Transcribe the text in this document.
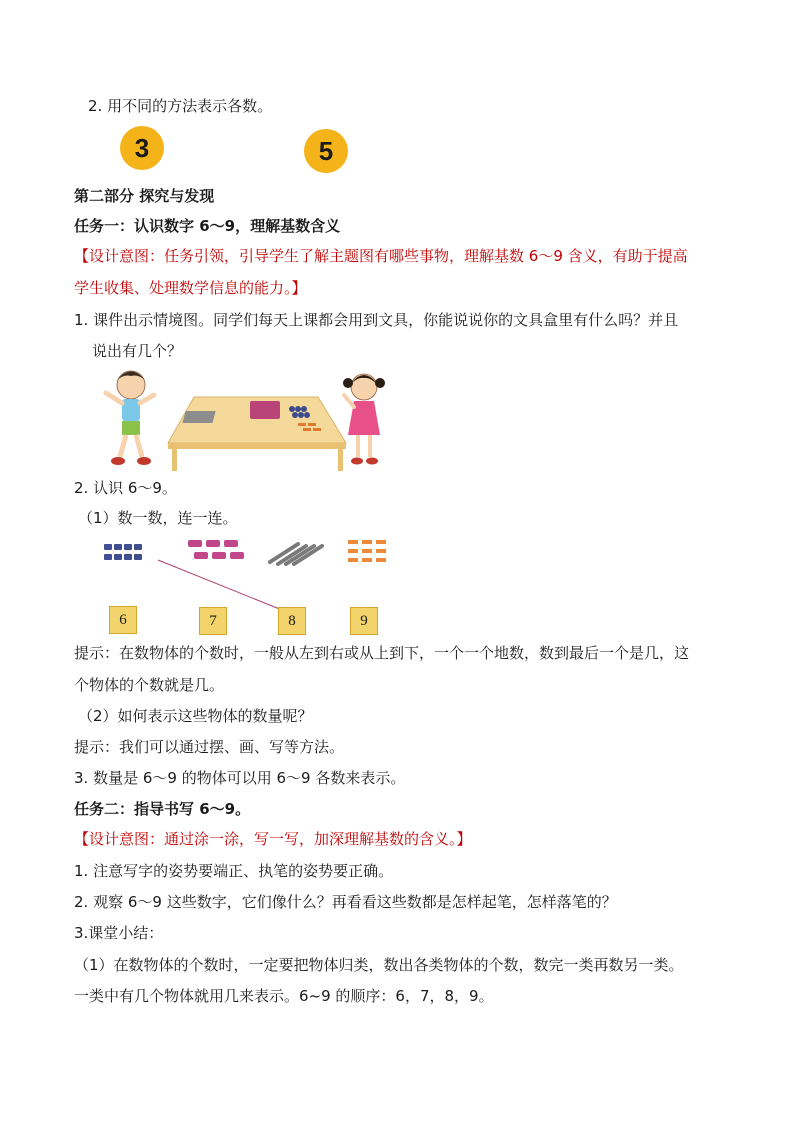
2. 用不同的方法表示各数。
3	5
第二部分 探究与发现
任务一：认识数字 6～9，理解基数含义
【设计意图：任务引领，引导学生了解主题图有哪些事物，理解基数 6～9 含义，有助于提高
学生收集、处理数学信息的能力。】
1. 课件出示情境图。同学们每天上课都会用到文具，你能说说你的文具盒里有什么吗？并且
说出有几个？
2. 认识 6～9。
（1）数一数，连一连。
6	7	8	9
提示：在数物体的个数时，一般从左到右或从上到下，一个一个地数，数到最后一个是几，这
个物体的个数就是几。
（2）如何表示这些物体的数量呢？
提示：我们可以通过摆、画、写等方法。
3. 数量是 6～9 的物体可以用 6～9 各数来表示。
任务二：指导书写 6～9。
【设计意图：通过涂一涂，写一写，加深理解基数的含义。】
1. 注意写字的姿势要端正、执笔的姿势要正确。
2. 观察 6～9 这些数字，它们像什么？再看看这些数都是怎样起笔，怎样落笔的？
3.课堂小结：
（1）在数物体的个数时，一定要把物体归类，数出各类物体的个数，数完一类再数另一类。
一类中有几个物体就用几来表示。6~9 的顺序：6，7，8，9。
